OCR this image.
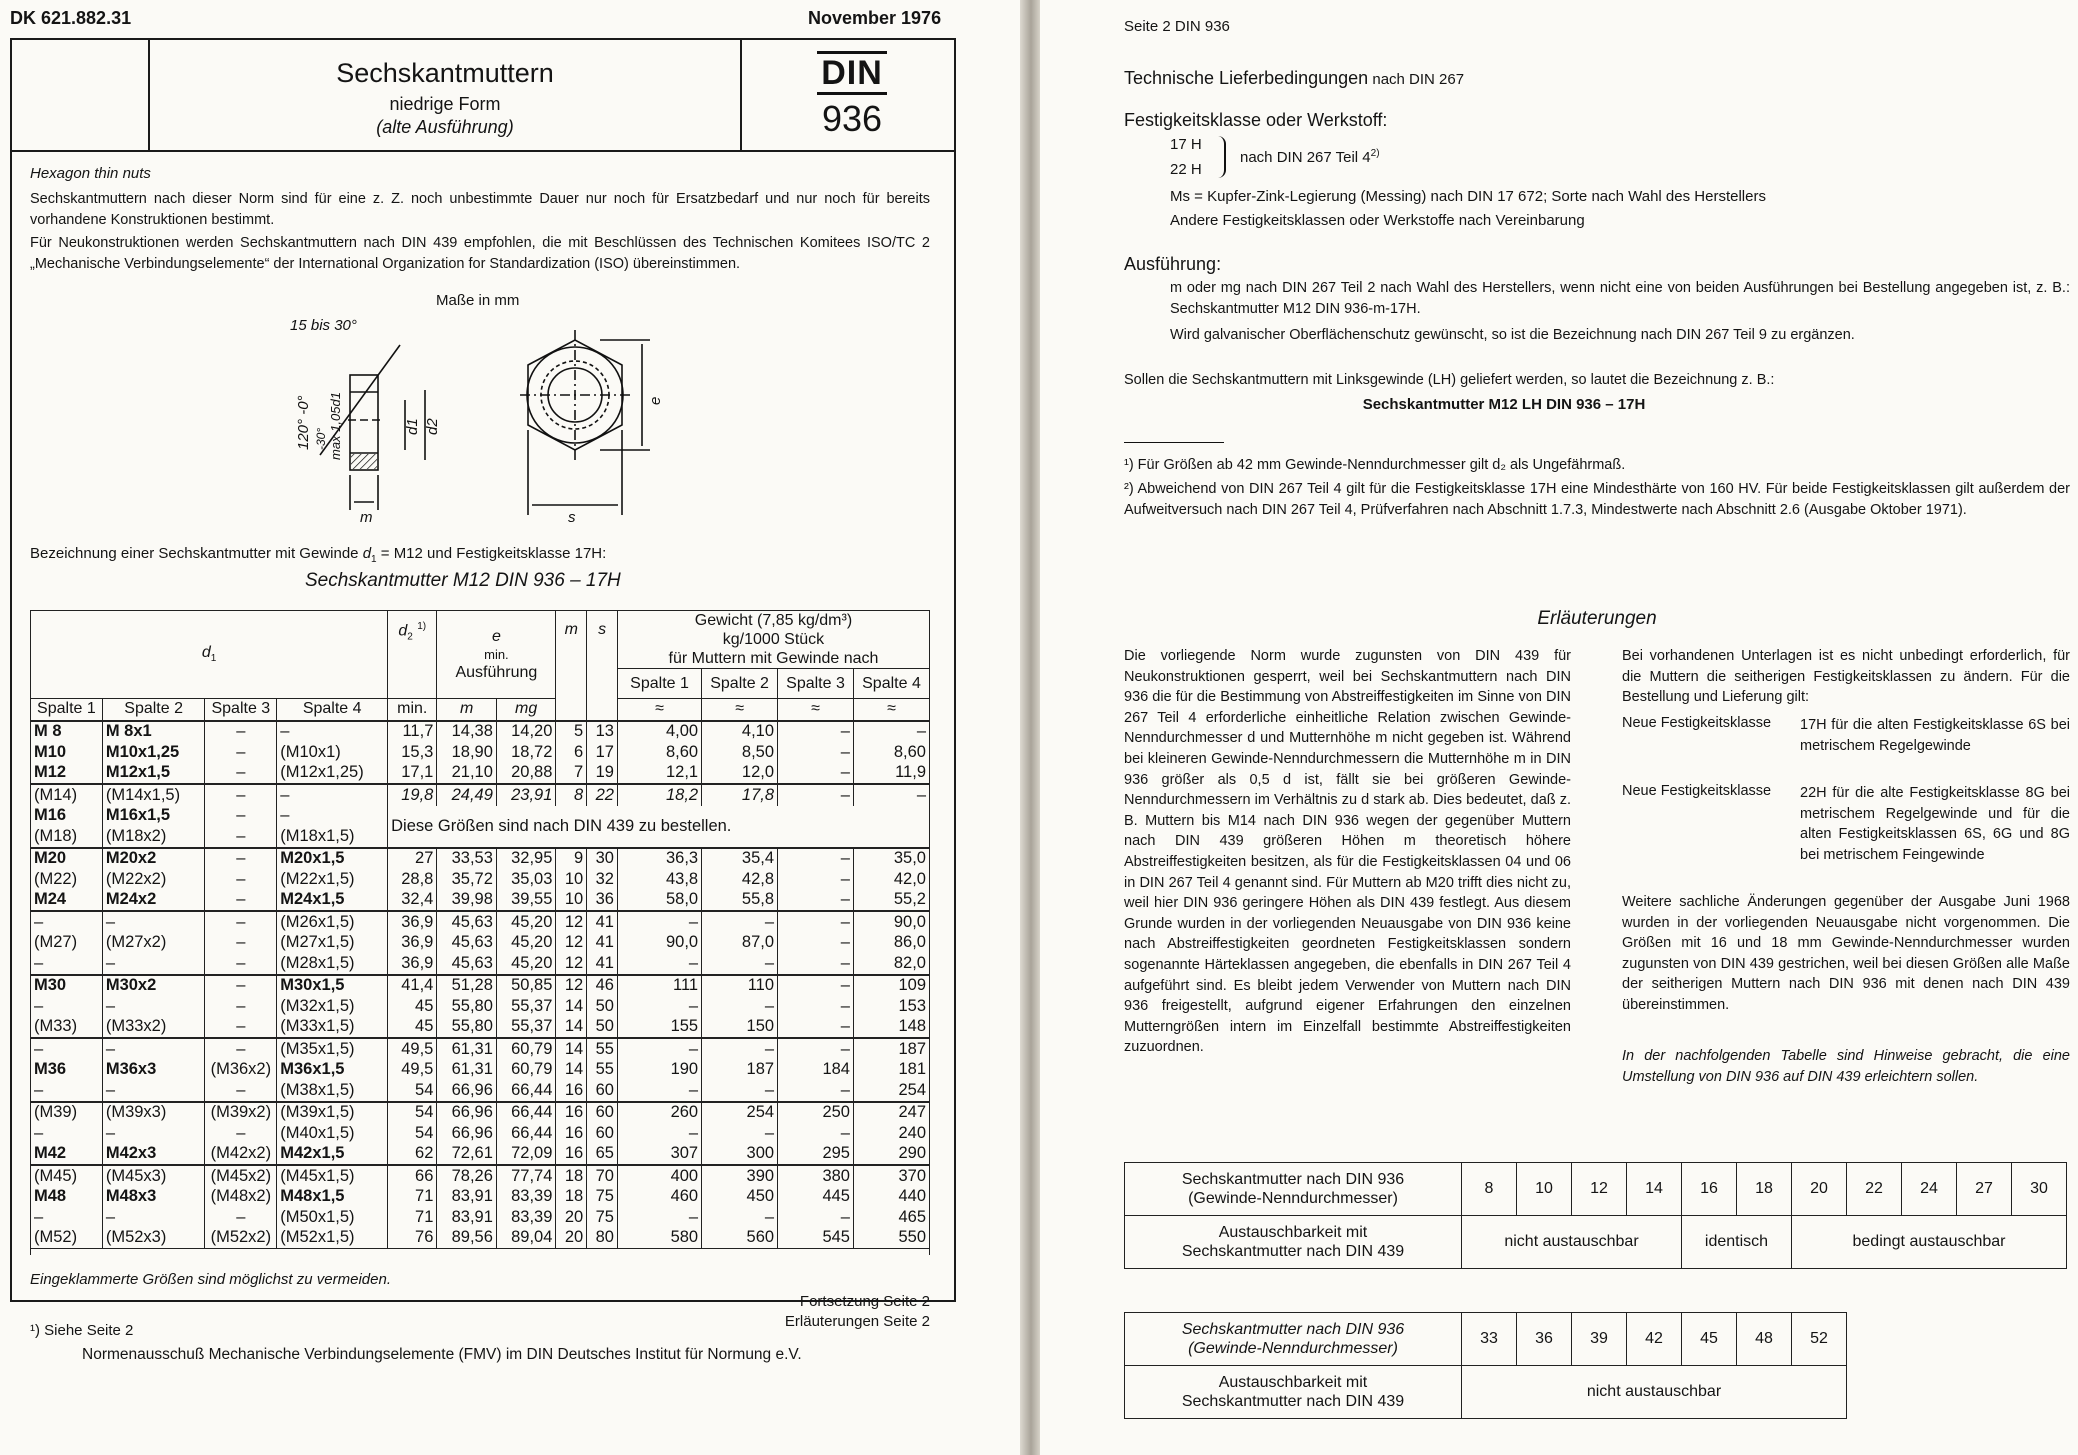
DK 621.882.31	November 1976
Sechskantmuttern
niedrige Form
(alte Ausführung)
DIN
936
Hexagon thin nuts
Sechskantmuttern nach dieser Norm sind für eine z. Z. noch unbestimmte Dauer nur noch für Ersatzbedarf und nur noch für bereits vorhandene Konstruktionen bestimmt.
Für Neukonstruktionen werden Sechskantmuttern nach DIN 439 empfohlen, die mit Beschlüssen des Technischen Komitees ISO/TC 2 „Mechanische Verbindungselemente“ der International Organization for Standardization (ISO) übereinstimmen.
Maße in mm
15 bis 30°
120° -0° -30° max 1,05d1	d1 d2
m	s
e
Bezeichnung einer Sechskantmutter mit Gewinde $d_1 = M12$ und Festigkeitsklasse 17H:
Sechskantmutter M12 DIN 936 – 17H
$d_1$				$d_2$ $^{1)}$	e
min.
Ausführung		m	s	Gewicht (7,85 kg/dm³)
kg/1000 Stück
für Muttern mit Gewinde nach			
									Spalte 1	Spalte 2	Spalte 3	Spalte 4
Spalte 1	Spalte 2	Spalte 3	Spalte 4	min.	m	mg			≈	≈	≈	≈
M 8	M 8x1	–	–	11,7	14,38	14,20	5	13	4,00	4,10	–	–
M10	M10x1,25	–	(M10x1)	15,3	18,90	18,72	6	17	8,60	8,50	–	8,60
M12	M12x1,5	–	(M12x1,25)	17,1	21,10	20,88	7	19	12,1	12,0	–	11,9
(M14)	(M14x1,5)	–	–	19,8	24,49	23,91	8	22	18,2	17,8	–	–
M16	M16x1,5	–	–	Diese Größen sind nach DIN 439 zu bestellen.								
(M18)	(M18x2)	–	(M18x1,5)									
M20	M20x2	–	M20x1,5	27	33,53	32,95	9	30	36,3	35,4	–	35,0
(M22)	(M22x2)	–	(M22x1,5)	28,8	35,72	35,03	10	32	43,8	42,8	–	42,0
M24	M24x2	–	M24x1,5	32,4	39,98	39,55	10	36	58,0	55,8	–	55,2
–	–	–	(M26x1,5)	36,9	45,63	45,20	12	41	–	–	–	90,0
(M27)	(M27x2)	–	(M27x1,5)	36,9	45,63	45,20	12	41	90,0	87,0	–	86,0
–	–	–	(M28x1,5)	36,9	45,63	45,20	12	41	–	–	–	82,0
M30	M30x2	–	M30x1,5	41,4	51,28	50,85	12	46	111	110	–	109
–	–	–	(M32x1,5)	45	55,80	55,37	14	50	–	–	–	153
(M33)	(M33x2)	–	(M33x1,5)	45	55,80	55,37	14	50	155	150	–	148
–	–	–	(M35x1,5)	49,5	61,31	60,79	14	55	–	–	–	187
M36	M36x3	(M36x2)	M36x1,5	49,5	61,31	60,79	14	55	190	187	184	181
–	–	–	(M38x1,5)	54	66,96	66,44	16	60	–	–	–	254
(M39)	(M39x3)	(M39x2)	(M39x1,5)	54	66,96	66,44	16	60	260	254	250	247
–	–	–	(M40x1,5)	54	66,96	66,44	16	60	–	–	–	240
M42	M42x3	(M42x2)	M42x1,5	62	72,61	72,09	16	65	307	300	295	290
(M45)	(M45x3)	(M45x2)	(M45x1,5)	66	78,26	77,74	18	70	400	390	380	370
M48	M48x3	(M48x2)	M48x1,5	71	83,91	83,39	18	75	460	450	445	440
–	–	–	(M50x1,5)	71	83,91	83,39	20	75	–	–	–	465
(M52)	(M52x3)	(M52x2)	(M52x1,5)	76	89,56	89,04	20	80	580	560	545	550

Eingeklammerte Größen sind möglichst zu vermeiden.
Fortsetzung Seite 2
Erläuterungen Seite 2
¹) Siehe Seite 2
Normenausschuß Mechanische Verbindungselemente (FMV) im DIN Deutsches Institut für Normung e.V.
Seite 2 DIN 936
Technische Lieferbedingungen nach DIN 267
Festigkeitsklasse oder Werkstoff:
17 H
22 H
nach DIN 267 Teil 4$^{2)}$
Ms = Kupfer-Zink-Legierung (Messing) nach DIN 17 672; Sorte nach Wahl des Herstellers
Andere Festigkeitsklassen oder Werkstoffe nach Vereinbarung
Ausführung:
m oder mg nach DIN 267 Teil 2 nach Wahl des Herstellers, wenn nicht eine von beiden Ausführungen bei Bestellung angegeben ist, z. B.: Sechskantmutter M12 DIN 936-m-17H.
Wird galvanischer Oberflächenschutz gewünscht, so ist die Bezeichnung nach DIN 267 Teil 9 zu ergänzen.
Sollen die Sechskantmuttern mit Linksgewinde (LH) geliefert werden, so lautet die Bezeichnung z. B.:
Sechskantmutter M12 LH DIN 936 – 17H
¹) Für Größen ab 42 mm Gewinde-Nenndurchmesser gilt d₂ als Ungefährmaß.
²) Abweichend von DIN 267 Teil 4 gilt für die Festigkeitsklasse 17H eine Mindesthärte von 160 HV. Für beide Festigkeitsklassen gilt außerdem der Aufweitversuch nach DIN 267 Teil 4, Prüfverfahren nach Abschnitt 1.7.3, Mindestwerte nach Abschnitt 2.6 (Ausgabe Oktober 1971).
Erläuterungen
Die vorliegende Norm wurde zugunsten von DIN 439 für Neukonstruktionen gesperrt, weil bei Sechskantmuttern nach DIN 936 die für die Bestimmung von Abstreiffestigkeiten im Sinne von DIN 267 Teil 4 erforderliche einheitliche Relation zwischen Gewinde-Nenndurchmesser d und Mutternhöhe m nicht gegeben ist. Während bei kleineren Gewinde-Nenndurchmessern die Mutternhöhe m in DIN 936 größer als 0,5 d ist, fällt sie bei größeren Gewinde-Nenndurchmessern im Verhältnis zu d stark ab. Dies bedeutet, daß z. B. Muttern bis M14 nach DIN 936 wegen der gegenüber Muttern nach DIN 439 größeren Höhen m theoretisch höhere Abstreiffestigkeiten besitzen, als für die Festigkeitsklassen 04 und 06 in DIN 267 Teil 4 genannt sind. Für Muttern ab M20 trifft dies nicht zu, weil hier DIN 936 geringere Höhen als DIN 439 festlegt. Aus diesem Grunde wurden in der vorliegenden Neuausgabe von DIN 936 keine nach Abstreiffestigkeiten geordneten Festigkeitsklassen sondern sogenannte Härteklassen angegeben, die ebenfalls in DIN 267 Teil 4 aufgeführt sind. Es bleibt jedem Verwender von Muttern nach DIN 936 freigestellt, aufgrund eigener Erfahrungen den einzelnen Mutterngrößen intern im Einzelfall bestimmte Abstreiffestigkeiten zuzuordnen.
Bei vorhandenen Unterlagen ist es nicht unbedingt erforderlich, für die Muttern die seitherigen Festigkeitsklassen zu ändern. Für die Bestellung und Lieferung gilt:
Neue Festigkeitsklasse 17H für die alten Festigkeitsklasse 6S bei metrischem Regelgewinde
Neue Festigkeitsklasse 22H für die alte Festigkeitsklasse 8G bei metrischem Regelgewinde und für die alten Festigkeitsklassen 6S, 6G und 8G bei metrischem Feingewinde
Weitere sachliche Änderungen gegenüber der Ausgabe Juni 1968 wurden in der vorliegenden Neuausgabe nicht vorgenommen. Die Größen mit 16 und 18 mm Gewinde-Nenndurchmesser wurden zugunsten von DIN 439 gestrichen, weil bei diesen Größen alle Maße der seitherigen Muttern nach DIN 936 mit denen nach DIN 439 übereinstimmen.
In der nachfolgenden Tabelle sind Hinweise gebracht, die eine Umstellung von DIN 936 auf DIN 439 erleichtern sollen.
Sechskantmutter nach DIN 936
(Gewinde-Nenndurchmesser)	8	10	12	14	16	18	20	22	24	27	30
Austauschbarkeit mit
Sechskantmutter nach DIN 439	nicht austauschbar				identisch		bedingt austauschbar				
Sechskantmutter nach DIN 936
(Gewinde-Nenndurchmesser)	33	36	39	42	45	48	52
Austauschbarkeit mit
Sechskantmutter nach DIN 439	nicht austauschbar						
